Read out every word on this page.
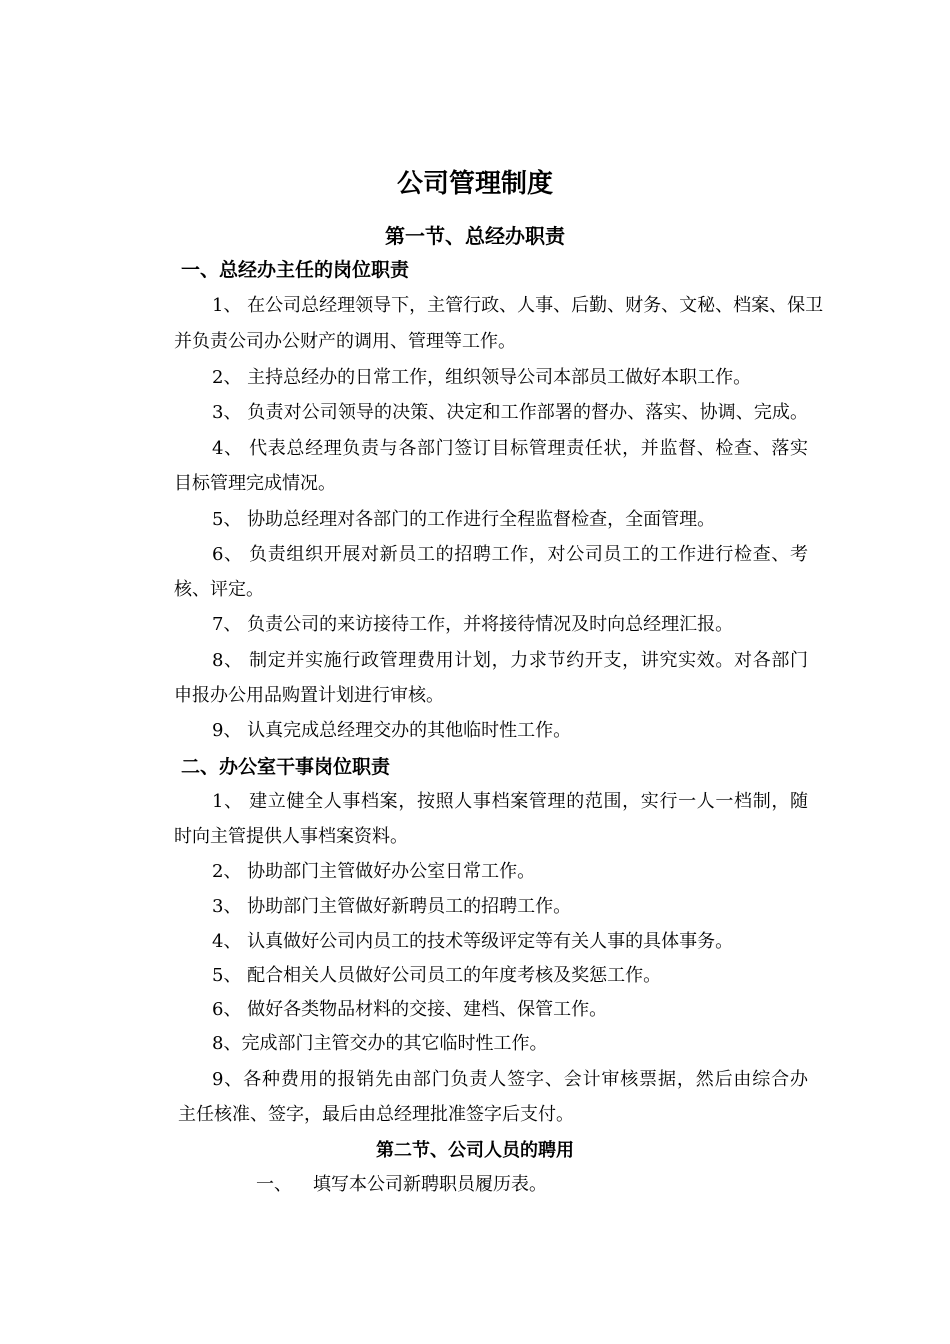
公司管理制度
第一节、总经办职责
一、总经办主任的岗位职责
1、 在公司总经理领导下，主管行政、人事、后勤、财务、文秘、档案、保卫
并负责公司办公财产的调用、管理等工作。
2、 主持总经办的日常工作，组织领导公司本部员工做好本职工作。
3、 负责对公司领导的决策、决定和工作部署的督办、落实、协调、完成。
4、 代表总经理负责与各部门签订目标管理责任状，并监督、检查、落实
目标管理完成情况。
5、 协助总经理对各部门的工作进行全程监督检查，全面管理。
6、 负责组织开展对新员工的招聘工作，对公司员工的工作进行检查、考
核、评定。
7、 负责公司的来访接待工作，并将接待情况及时向总经理汇报。
8、 制定并实施行政管理费用计划，力求节约开支，讲究实效。对各部门
申报办公用品购置计划进行审核。
9、 认真完成总经理交办的其他临时性工作。
二、办公室干事岗位职责
1、 建立健全人事档案，按照人事档案管理的范围，实行一人一档制，随
时向主管提供人事档案资料。
2、 协助部门主管做好办公室日常工作。
3、 协助部门主管做好新聘员工的招聘工作。
4、 认真做好公司内员工的技术等级评定等有关人事的具体事务。
5、 配合相关人员做好公司员工的年度考核及奖惩工作。
6、 做好各类物品材料的交接、建档、保管工作。
8、完成部门主管交办的其它临时性工作。
9、各种费用的报销先由部门负责人签字、会计审核票据，然后由综合办
主任核准、签字，最后由总经理批准签字后支付。
第二节、公司人员的聘用
一、 填写本公司新聘职员履历表。
